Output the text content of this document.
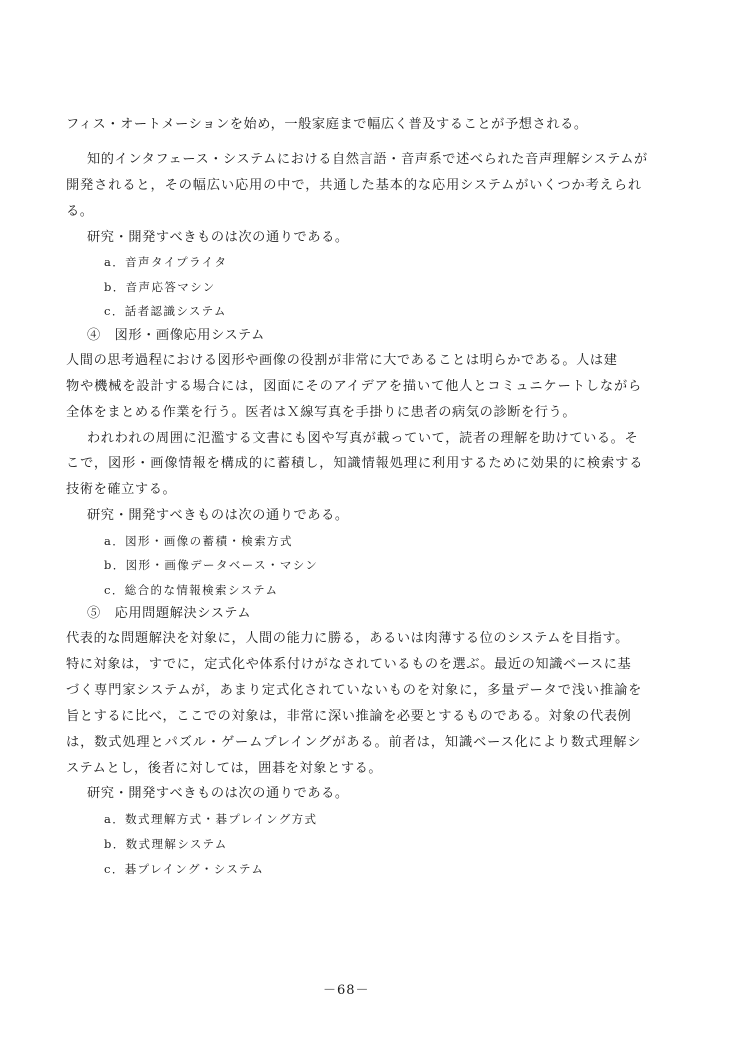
フィス・オートメーションを始め，一般家庭まで幅広く普及することが予想される。
知的インタフェース・システムにおける自然言語・音声系で述べられた音声理解システムが
開発されると，その幅広い応用の中で，共通した基本的な応用システムがいくつか考えられ
る。
研究・開発すべきものは次の通りである。
a．音声タイプライタ
b．音声応答マシン
c．話者認識システム
④　図形・画像応用システム
人間の思考過程における図形や画像の役割が非常に大であることは明らかである。人は建
物や機械を設計する場合には，図面にそのアイデアを描いて他人とコミュニケートしながら
全体をまとめる作業を行う。医者はＸ線写真を手掛りに患者の病気の診断を行う。
われわれの周囲に氾濫する文書にも図や写真が載っていて，読者の理解を助けている。そ
こで，図形・画像情報を構成的に蓄積し，知識情報処理に利用するために効果的に検索する
技術を確立する。
研究・開発すべきものは次の通りである。
a．図形・画像の蓄積・検索方式
b．図形・画像データベース・マシン
c．総合的な情報検索システム
⑤　応用問題解決システム
代表的な問題解決を対象に，人間の能力に勝る，あるいは肉薄する位のシステムを目指す。
特に対象は，すでに，定式化や体系付けがなされているものを選ぶ。最近の知識ベースに基
づく専門家システムが，あまり定式化されていないものを対象に，多量データで浅い推論を
旨とするに比べ，ここでの対象は，非常に深い推論を必要とするものである。対象の代表例
は，数式処理とパズル・ゲームプレイングがある。前者は，知識ベース化により数式理解シ
ステムとし，後者に対しては，囲碁を対象とする。
研究・開発すべきものは次の通りである。
a．数式理解方式・碁プレイング方式
b．数式理解システム
c．碁プレイング・システム
－68－
